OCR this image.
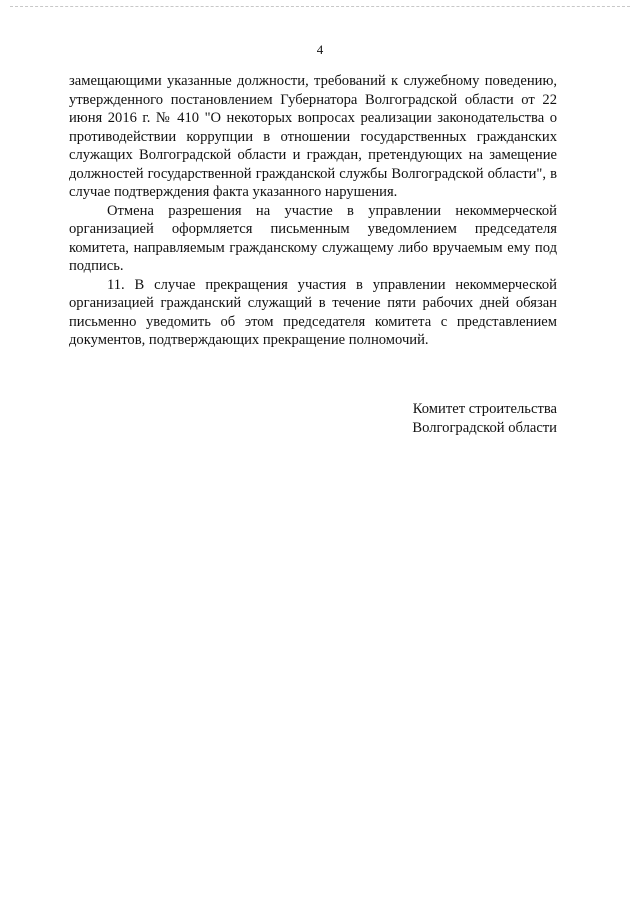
4

замещающими указанные должности, требований к служебному поведению, утвержденного постановлением Губернатора Волгоградской области от 22 июня 2016 г. № 410 "О некоторых вопросах реализации законодательства о противодействии коррупции в отношении государственных гражданских служащих Волгоградской области и граждан, претендующих на замещение должностей государственной гражданской службы Волгоградской области", в случае подтверждения факта указанного нарушения.

Отмена разрешения на участие в управлении некоммерческой организацией оформляется письменным уведомлением председателя комитета, направляемым гражданскому служащему либо вручаемым ему под подпись.

11. В случае прекращения участия в управлении некоммерческой организацией гражданский служащий в течение пяти рабочих дней обязан письменно уведомить об этом председателя комитета с представлением документов, подтверждающих прекращение полномочий.

Комитет строительства
Волгоградской области
